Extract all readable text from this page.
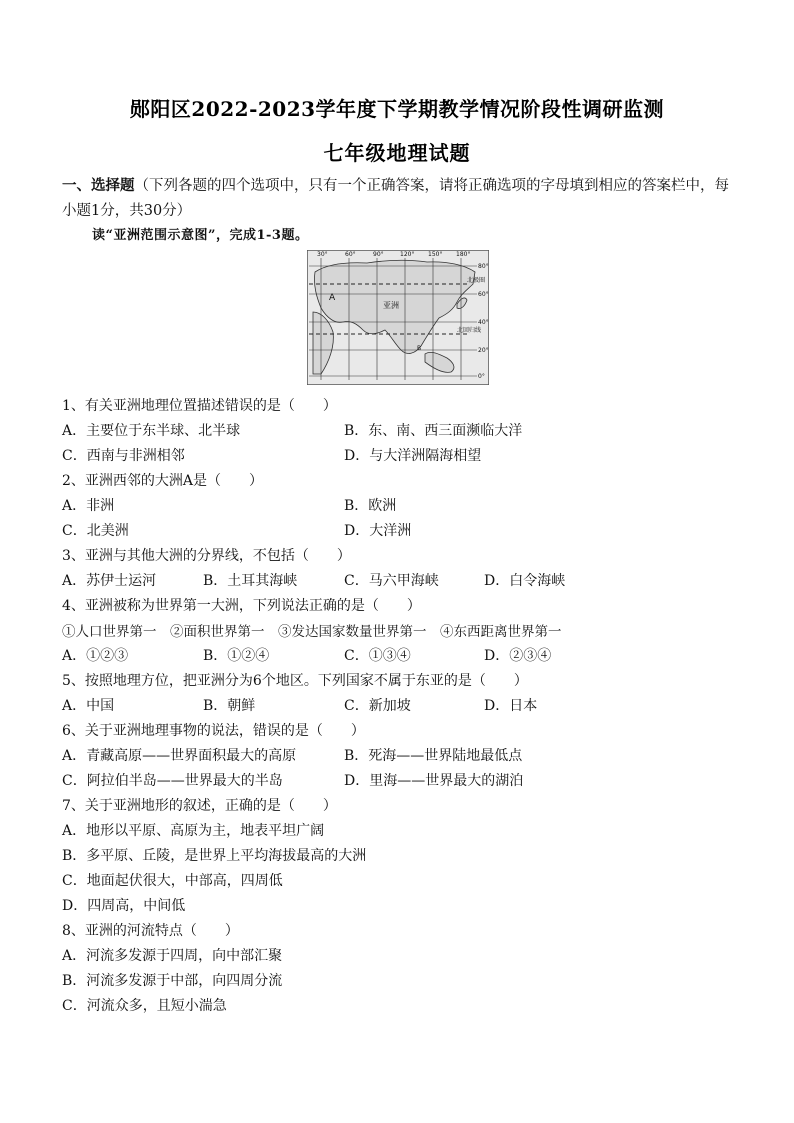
郧阳区2022-2023学年度下学期教学情况阶段性调研监测
七年级地理试题
一、选择题（下列各题的四个选项中，只有一个正确答案，请将正确选项的字母填到相应的答案栏中，每小题1分，共30分）
读“亚洲范围示意图”，完成1-3题。
30°	60°	90°	120° 150° 180°
80°
60°
40°
20°
0°
北极圈
北回归线
A
亚洲
B
1、有关亚洲地理位置描述错误的是（　　）
A．主要位于东半球、北半球	B．东、南、西三面濒临大洋
C．西南与非洲相邻	D．与大洋洲隔海相望
2、亚洲西邻的大洲A是（　　）
A．非洲	B．欧洲
C．北美洲	D．大洋洲
3、亚洲与其他大洲的分界线，不包括（　　）
A．苏伊士运河	B．土耳其海峡	C．马六甲海峡	D．白令海峡
4、亚洲被称为世界第一大洲，下列说法正确的是（　　）
①人口世界第一　②面积世界第一　③发达国家数量世界第一　④东西距离世界第一
A．①②③	B．①②④	C．①③④	D．②③④
5、按照地理方位，把亚洲分为6个地区。下列国家不属于东亚的是（　　）
A．中国	B．朝鲜	C．新加坡	D．日本
6、关于亚洲地理事物的说法，错误的是（　　）
A．青藏高原——世界面积最大的高原	B．死海——世界陆地最低点
C．阿拉伯半岛——世界最大的半岛	D．里海——世界最大的湖泊
7、关于亚洲地形的叙述，正确的是（　　）
A．地形以平原、高原为主，地表平坦广阔
B．多平原、丘陵，是世界上平均海拔最高的大洲
C．地面起伏很大，中部高，四周低
D．四周高，中间低
8、亚洲的河流特点（　　）
A．河流多发源于四周，向中部汇聚
B．河流多发源于中部，向四周分流
C．河流众多，且短小湍急
